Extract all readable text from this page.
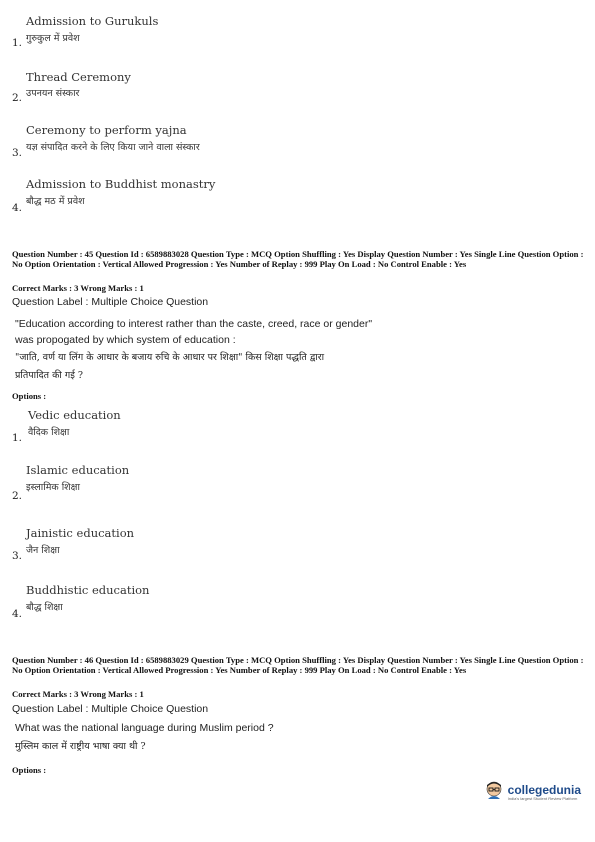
Admission to Gurukuls
1. गुरुकुल में प्रवेश
Thread Ceremony
2. उपनयन संस्कार
Ceremony to perform yajna
3. यज्ञ संपादित करने के लिए किया जाने वाला संस्कार
Admission to Buddhist monastry
4.
बौद्ध मठ में प्रवेश
Question Number : 45 Question Id : 6589883028 Question Type : MCQ Option Shuffling : Yes Display Question Number : Yes Single Line Question Option : No Option Orientation : Vertical Allowed Progression : Yes Number of Replay : 999 Play On Load : No Control Enable : Yes
Correct Marks : 3 Wrong Marks : 1
Question Label : Multiple Choice Question
"Education according to interest rather than the caste, creed, race or gender"
was propogated by which system of education :
"जाति, वर्ण या लिंग के आधार के बजाय रुचि के आधार पर शिक्षा" किस शिक्षा पद्धति द्वारा
प्रतिपादित की गई ?
Options :
Vedic education
1. वैदिक शिक्षा
Islamic education
2.
इस्लामिक शिक्षा
Jainistic education
3. जैन शिक्षा
Buddhistic education
4.
बौद्ध शिक्षा
Question Number : 46 Question Id : 6589883029 Question Type : MCQ Option Shuffling : Yes Display Question Number : Yes Single Line Question Option : No Option Orientation : Vertical Allowed Progression : Yes Number of Replay : 999 Play On Load : No Control Enable : Yes
Correct Marks : 3 Wrong Marks : 1
Question Label : Multiple Choice Question
What was the national language during Muslim period ?
मुस्लिम काल में राष्ट्रीय भाषा क्या थी ?
Options :
collegedunia
India's largest Student Review Platform
